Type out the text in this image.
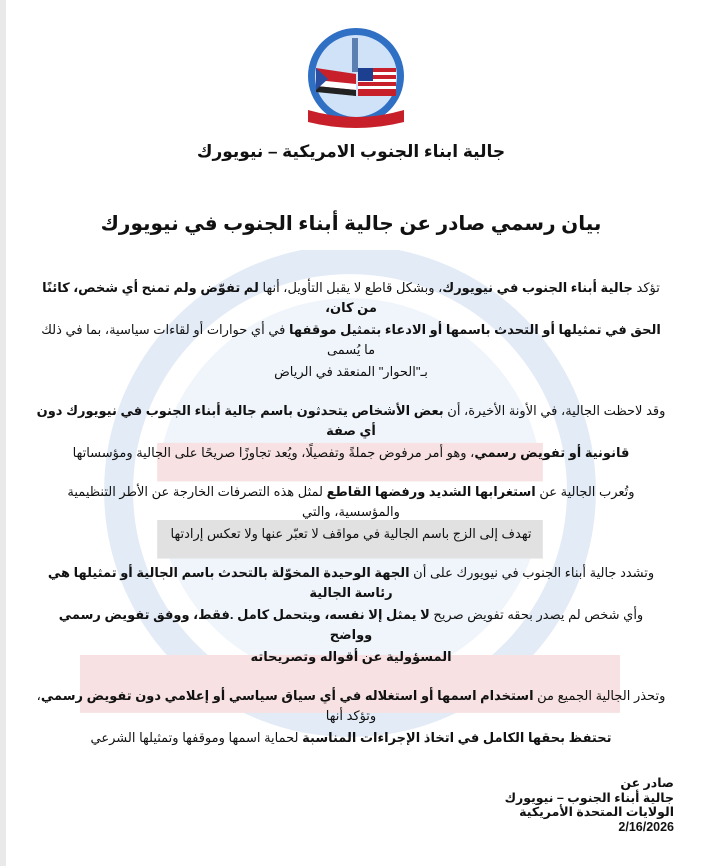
جالية ابناء الجنوب الامريكية – نيويورك
بيان رسمي صادر عن جالية أبناء الجنوب في نيويورك
تؤكد جالية أبناء الجنوب في نيويورك، وبشكل قاطع لا يقبل التأويل، أنها لم تفوّض ولم تمنح أي شخص، كائنًا من كان،
الحق في تمثيلها أو التحدث باسمها أو الادعاء بتمثيل موقفها في أي حوارات أو لقاءات سياسية، بما في ذلك ما يُسمى
بـ"الحوار" المنعقد في الرياض
وقد لاحظت الجالية، في الأونة الأخيرة، أن بعض الأشخاص يتحدثون باسم جالية أبناء الجنوب في نيويورك دون أي صفة
قانونية أو تفويض رسمي، وهو أمر مرفوض جملةً وتفصيلًا، ويُعد تجاوزًا صريحًا على الجالية ومؤسساتها
وتُعرب الجالية عن استغرابها الشديد ورفضها القاطع لمثل هذه التصرفات الخارجة عن الأطر التنظيمية والمؤسسية، والتي
تهدف إلى الزج باسم الجالية في مواقف لا تعبّر عنها ولا تعكس إرادتها
وتشدد جالية أبناء الجنوب في نيويورك على أن الجهة الوحيدة المخوّلة بالتحدث باسم الجالية أو تمثيلها هي رئاسة الجالية
وأي شخص لم يصدر بحقه تفويض صريح لا يمثل إلا نفسه، ويتحمل كامل .فقط، ووفق تفويض رسمي وواضح
المسؤولية عن أقواله وتصريحاته
وتحذر الجالية الجميع من استخدام اسمها أو استغلاله في أي سياق سياسي أو إعلامي دون تفويض رسمي، وتؤكد أنها
تحتفظ بحقها الكامل في اتخاذ الإجراءات المناسبة لحماية اسمها وموقفها وتمثيلها الشرعي
صادر عن
جالية أبناء الجنوب – نيويورك
الولايات المتحدة الأمريكية
2/16/2026
